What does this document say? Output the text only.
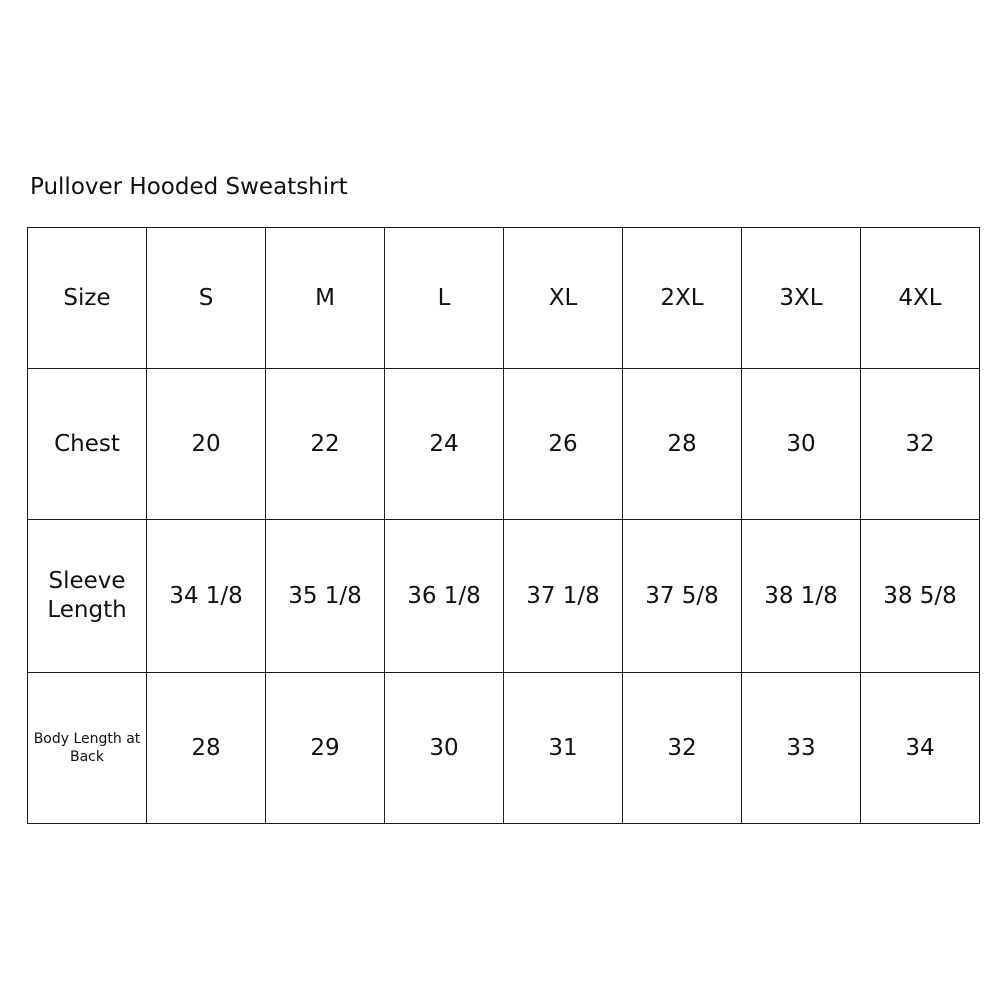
Pullover Hooded Sweatshirt
Size	S	M	L	XL	2XL	3XL	4XL
Chest	20	22	24	26	28	30	32
Sleeve Length	34 1/8	35 1/8	36 1/8	37 1/8	37 5/8	38 1/8	38 5/8
Body Length at Back	28	29	30	31	32	33	34
